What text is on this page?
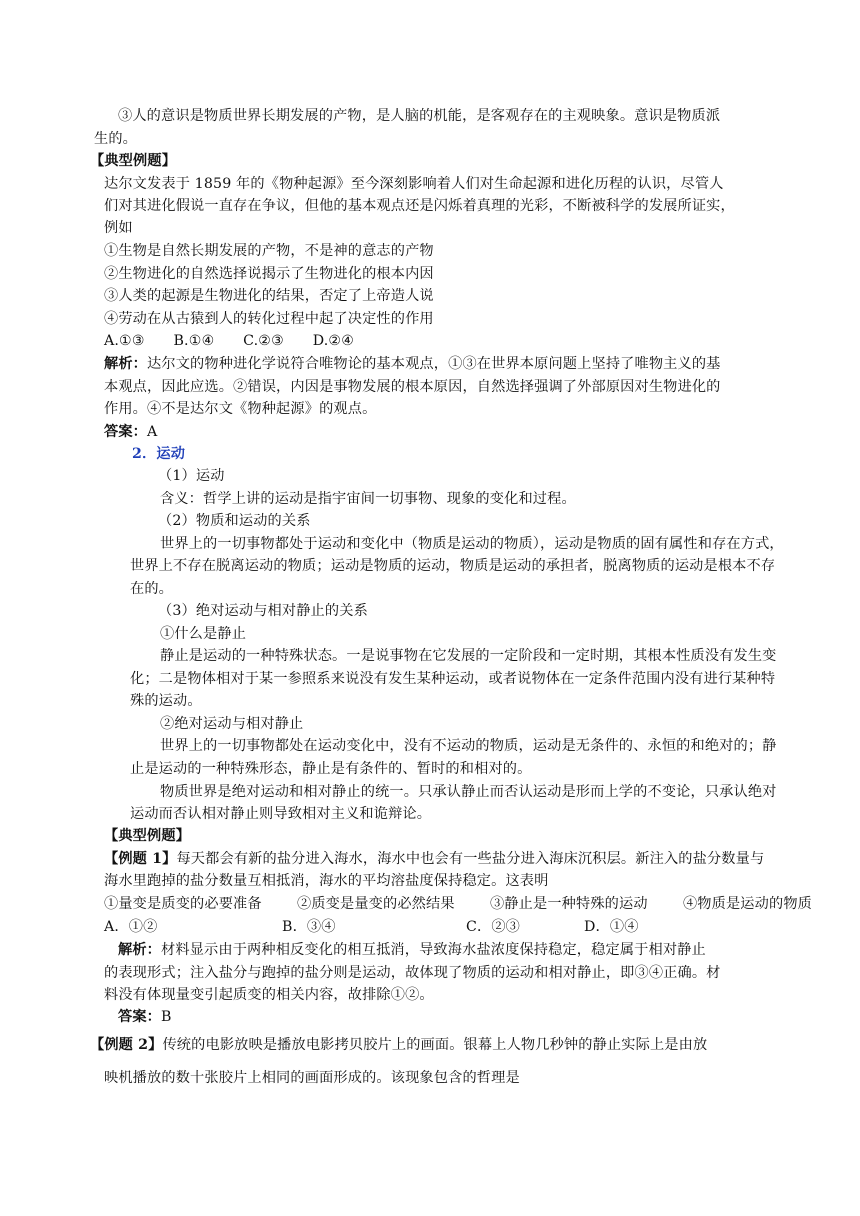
③人的意识是物质世界长期发展的产物，是人脑的机能，是客观存在的主观映象。意识是物质派

生的。

【典型例题】

达尔文发表于 1859 年的《物种起源》至今深刻影响着人们对生命起源和进化历程的认识，尽管人

们对其进化假说一直存在争议，但他的基本观点还是闪烁着真理的光彩，不断被科学的发展所证实，

例如

①生物是自然长期发展的产物，不是神的意志的产物

②生物进化的自然选择说揭示了生物进化的根本内因

③人类的起源是生物进化的结果，否定了上帝造人说

④劳动在从古猿到人的转化过程中起了决定性的作用

A.①③ B.①④ C.②③ D.②④

解析：达尔文的物种进化学说符合唯物论的基本观点，①③在世界本原问题上坚持了唯物主义的基

本观点，因此应选。②错误，内因是事物发展的根本原因，自然选择强调了外部原因对生物进化的

作用。④不是达尔文《物种起源》的观点。

答案：A

2．运动

（1）运动

含义：哲学上讲的运动是指宇宙间一切事物、现象的变化和过程。

（2）物质和运动的关系

世界上的一切事物都处于运动和变化中（物质是运动的物质），运动是物质的固有属性和存在方式，

世界上不存在脱离运动的物质；运动是物质的运动，物质是运动的承担者，脱离物质的运动是根本不存

在的。

（3）绝对运动与相对静止的关系

①什么是静止

静止是运动的一种特殊状态。一是说事物在它发展的一定阶段和一定时期，其根本性质没有发生变

化；二是物体相对于某一参照系来说没有发生某种运动，或者说物体在一定条件范围内没有进行某种特

殊的运动。

②绝对运动与相对静止

世界上的一切事物都处在运动变化中，没有不运动的物质，运动是无条件的、永恒的和绝对的；静

止是运动的一种特殊形态，静止是有条件的、暂时的和相对的。

物质世界是绝对运动和相对静止的统一。只承认静止而否认运动是形而上学的不变论，只承认绝对

运动而否认相对静止则导致相对主义和诡辩论。

【典型例题】

【例题 1】每天都会有新的盐分进入海水，海水中也会有一些盐分进入海床沉积层。新注入的盐分数量与

海水里跑掉的盐分数量互相抵消，海水的平均溶盐度保持稳定。这表明

①量变是质变的必要准备 ②质变是量变的必然结果 ③静止是一种特殊的运动 ④物质是运动的物质
A．①②	B．③④	C．②③	D．①④

解析：材料显示由于两种相反变化的相互抵消，导致海水盐浓度保持稳定，稳定属于相对静止

的表现形式；注入盐分与跑掉的盐分则是运动，故体现了物质的运动和相对静止，即③④正确。材

料没有体现量变引起质变的相关内容，故排除①②。

答案：B

【例题 2】传统的电影放映是播放电影拷贝胶片上的画面。银幕上人物几秒钟的静止实际上是由放

映机播放的数十张胶片上相同的画面形成的。该现象包含的哲理是
